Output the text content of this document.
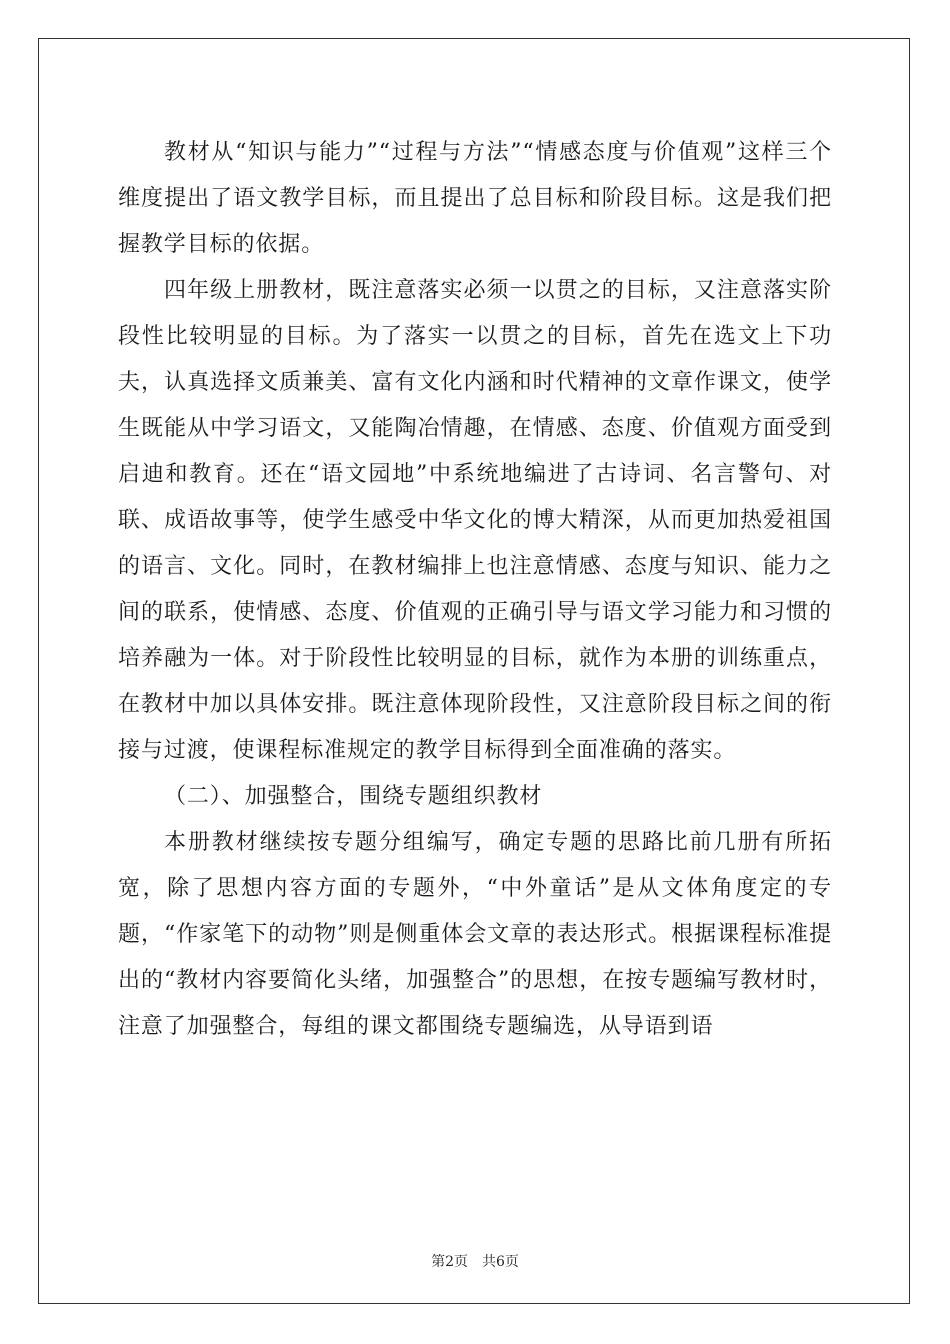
教材从“知识与能力”“过程与方法”“情感态度与价值观”这样三个维度提出了语文教学目标，而且提出了总目标和阶段目标。这是我们把握教学目标的依据。

四年级上册教材，既注意落实必须一以贯之的目标，又注意落实阶段性比较明显的目标。为了落实一以贯之的目标，首先在选文上下功夫，认真选择文质兼美、富有文化内涵和时代精神的文章作课文，使学生既能从中学习语文，又能陶冶情趣，在情感、态度、价值观方面受到启迪和教育。还在“语文园地”中系统地编进了古诗词、名言警句、对联、成语故事等，使学生感受中华文化的博大精深，从而更加热爱祖国的语言、文化。同时，在教材编排上也注意情感、态度与知识、能力之间的联系，使情感、态度、价值观的正确引导与语文学习能力和习惯的培养融为一体。对于阶段性比较明显的目标，就作为本册的训练重点，在教材中加以具体安排。既注意体现阶段性，又注意阶段目标之间的衔接与过渡，使课程标准规定的教学目标得到全面准确的落实。

（二）、加强整合，围绕专题组织教材

本册教材继续按专题分组编写，确定专题的思路比前几册有所拓宽，除了思想内容方面的专题外，“中外童话”是从文体角度定的专题，“作家笔下的动物”则是侧重体会文章的表达形式。根据课程标准提出的“教材内容要简化头绪，加强整合”的思想，在按专题编写教材时，注意了加强整合，每组的课文都围绕专题编选，从导语到语

第2页　共6页
